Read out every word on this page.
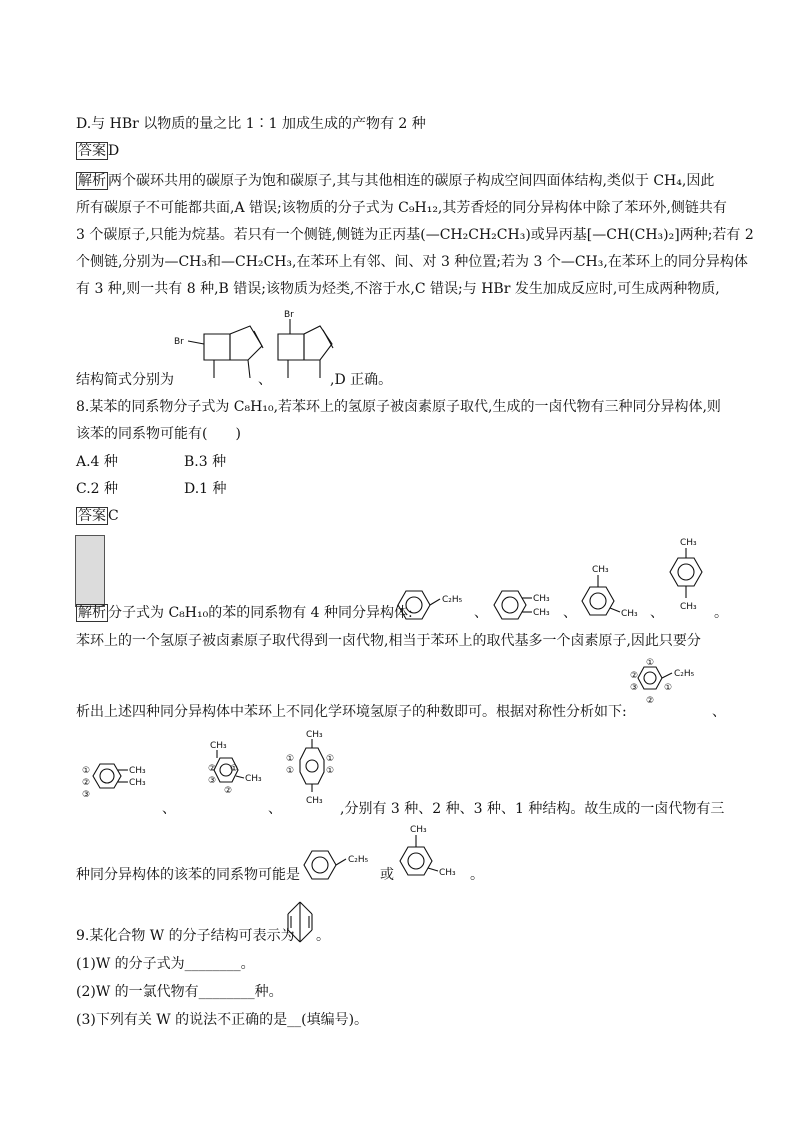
D.与 HBr 以物质的量之比 1∶1 加成生成的产物有 2 种
答案 D
解析 两个碳环共用的碳原子为饱和碳原子,其与其他相连的碳原子构成空间四面体结构,类似于 CH₄,因此
所有碳原子不可能都共面,A 错误;该物质的分子式为 C₉H₁₂,其芳香烃的同分异构体中除了苯环外,侧链共有
3 个碳原子,只能为烷基。若只有一个侧链,侧链为正丙基(—CH₂CH₂CH₃)或异丙基[—CH(CH₃)₂]两种;若有 2
个侧链,分别为—CH₃和—CH₂CH₃,在苯环上有邻、间、对 3 种位置;若为 3 个—CH₃,在苯环上的同分异构体
有 3 种,则一共有 8 种,B 错误;该物质为烃类,不溶于水,C 错误;与 HBr 发生加成反应时,可生成两种物质,
Br
结构简式分别为	、
Br
,D 正确。
8.某苯的同系物分子式为 C₈H₁₀,若苯环上的氢原子被卤素原子取代,生成的一卤代物有三种同分异构体,则
该苯的同系物可能有(　　)
A.4 种	B.3 种
C.2 种	D.1 种
答案 C
解析 分子式为 C₈H₁₀的苯的同系物有 4 种同分异构体:
C₂H₅
、
CH₃
CH₃ 、
CH₃
CH₃ 、
CH₃
CH₃ 。
苯环上的一个氢原子被卤素原子取代得到一卤代物,相当于苯环上的取代基多一个卤素原子,因此只要分
析出上述四种同分异构体中苯环上不同化学环境氢原子的种数即可。根据对称性分析如下:
①
②
③	①
②
C₂H₅
、
①
②
③
CH₃
CH₃
、
CH₃
②
③
①
CH₃
②
、
CH₃
①
①
①
①
CH₃ ,分别有 3 种、2 种、3 种、1 种结构。故生成的一卤代物有三
种同分异构体的该苯的同系物可能是
C₂H₅
或
CH₃
CH₃ 。
9.某化合物 W 的分子结构可表示为 。
(1)W 的分子式为________。
(2)W 的一氯代物有________种。
(3)下列有关 W 的说法不正确的是__(填编号)。
